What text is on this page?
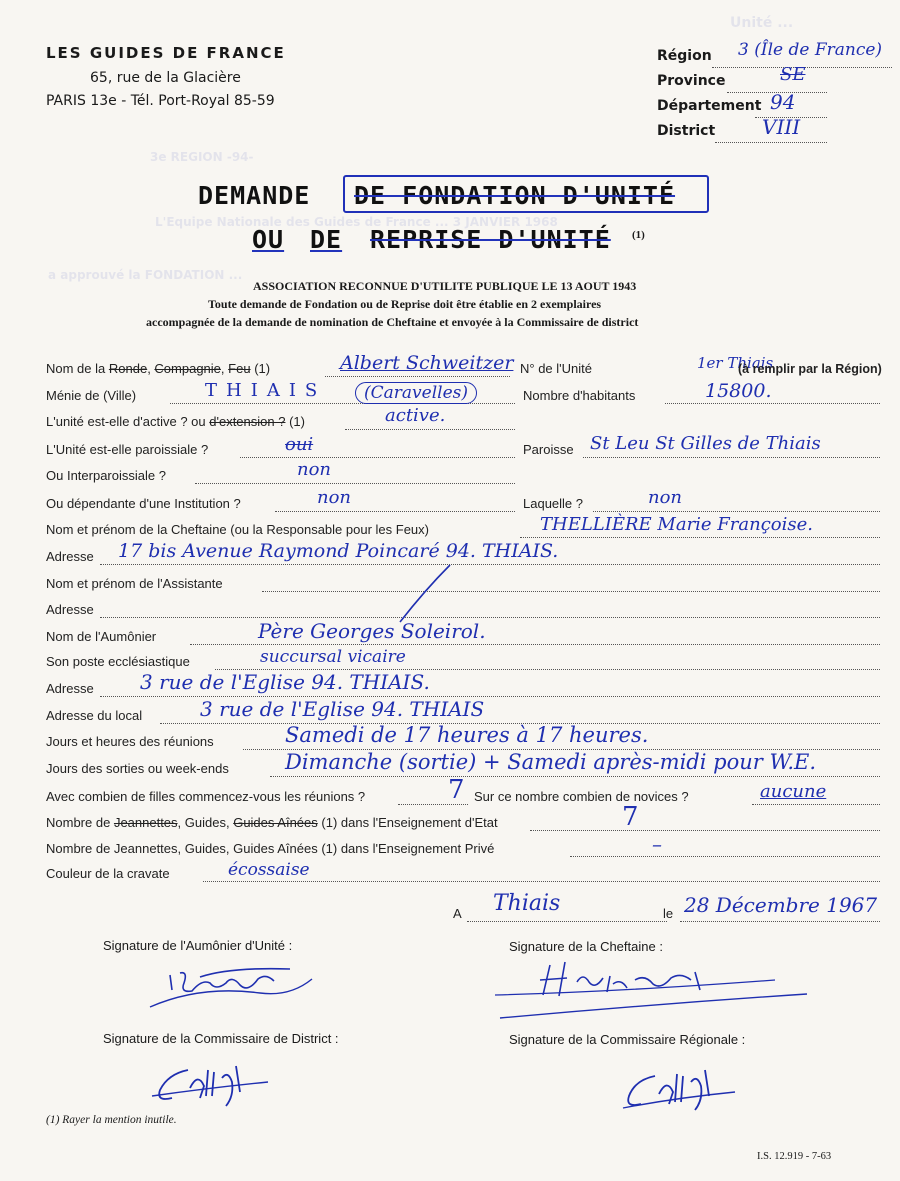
3e REGION -94-
L'Equipe Nationale des Guides de France ... 3 JANVIER 1968
a approuvé la FONDATION ...
Unité ...
LES GUIDES DE FRANCE
65, rue de la Glacière
PARIS 13e - Tél. Port-Royal 85-59
Région 3 (Île de France)
Province	SE
Département 94
District VIII
DEMANDE DE FONDATION D'UNITÉ
OU DE REPRISE D'UNITÉ (1)
ASSOCIATION RECONNUE D'UTILITE PUBLIQUE LE 13 AOUT 1943
Toute demande de Fondation ou de Reprise doit être établie en 2 exemplaires
accompagnée de la demande de nomination de Cheftaine et envoyée à la Commissaire de district
Nom de la Ronde, Compagnie, Feu (1)	Albert Schweitzer N° de l'Unité	1er Thiais
(à remplir par la Région)
Ménie de (Ville)	THIAIS	(Caravelles)	Nombre d'habitants	15800.
L'unité est-elle d'active ? ou d'extension ? (1)	active.
L'Unité est-elle paroissiale ?	oui	Paroisse St Leu St Gilles de Thiais
Ou Interparoissiale ?	non
Ou dépendante d'une Institution ?	non	Laquelle ?	non
Nom et prénom de la Cheftaine (ou la Responsable pour les Feux)	THELLIÈRE Marie Françoise.
Adresse 17 bis Avenue Raymond Poincaré 94. THIAIS.
Nom et prénom de l'Assistante
Adresse
Nom de l'Aumônier	Père Georges Soleirol.
Son poste ecclésiastique	succursal vicaire
Adresse 3 rue de l'Eglise 94. THIAIS.
Adresse du local	3 rue de l'Eglise 94. THIAIS
Jours et heures des réunions	Samedi de 17 heures à 17 heures.
Jours des sorties ou week-ends	Dimanche (sortie) + Samedi après-midi pour W.E.
Avec combien de filles commencez-vous les réunions ?	7 Sur ce nombre combien de novices ?	aucune
Nombre de Jeannettes, Guides, Guides Aînées (1) dans l'Enseignement d'Etat	7
Nombre de Jeannettes, Guides, Guides Aînées (1) dans l'Enseignement Privé	–
Couleur de la cravate	écossaise
A Thiais	le 28 Décembre 1967
Signature de l'Aumônier d'Unité :	Signature de la Cheftaine :
Signature de la Commissaire de District :	Signature de la Commissaire Régionale :
(1) Rayer la mention inutile.
I.S. 12.919 - 7-63
